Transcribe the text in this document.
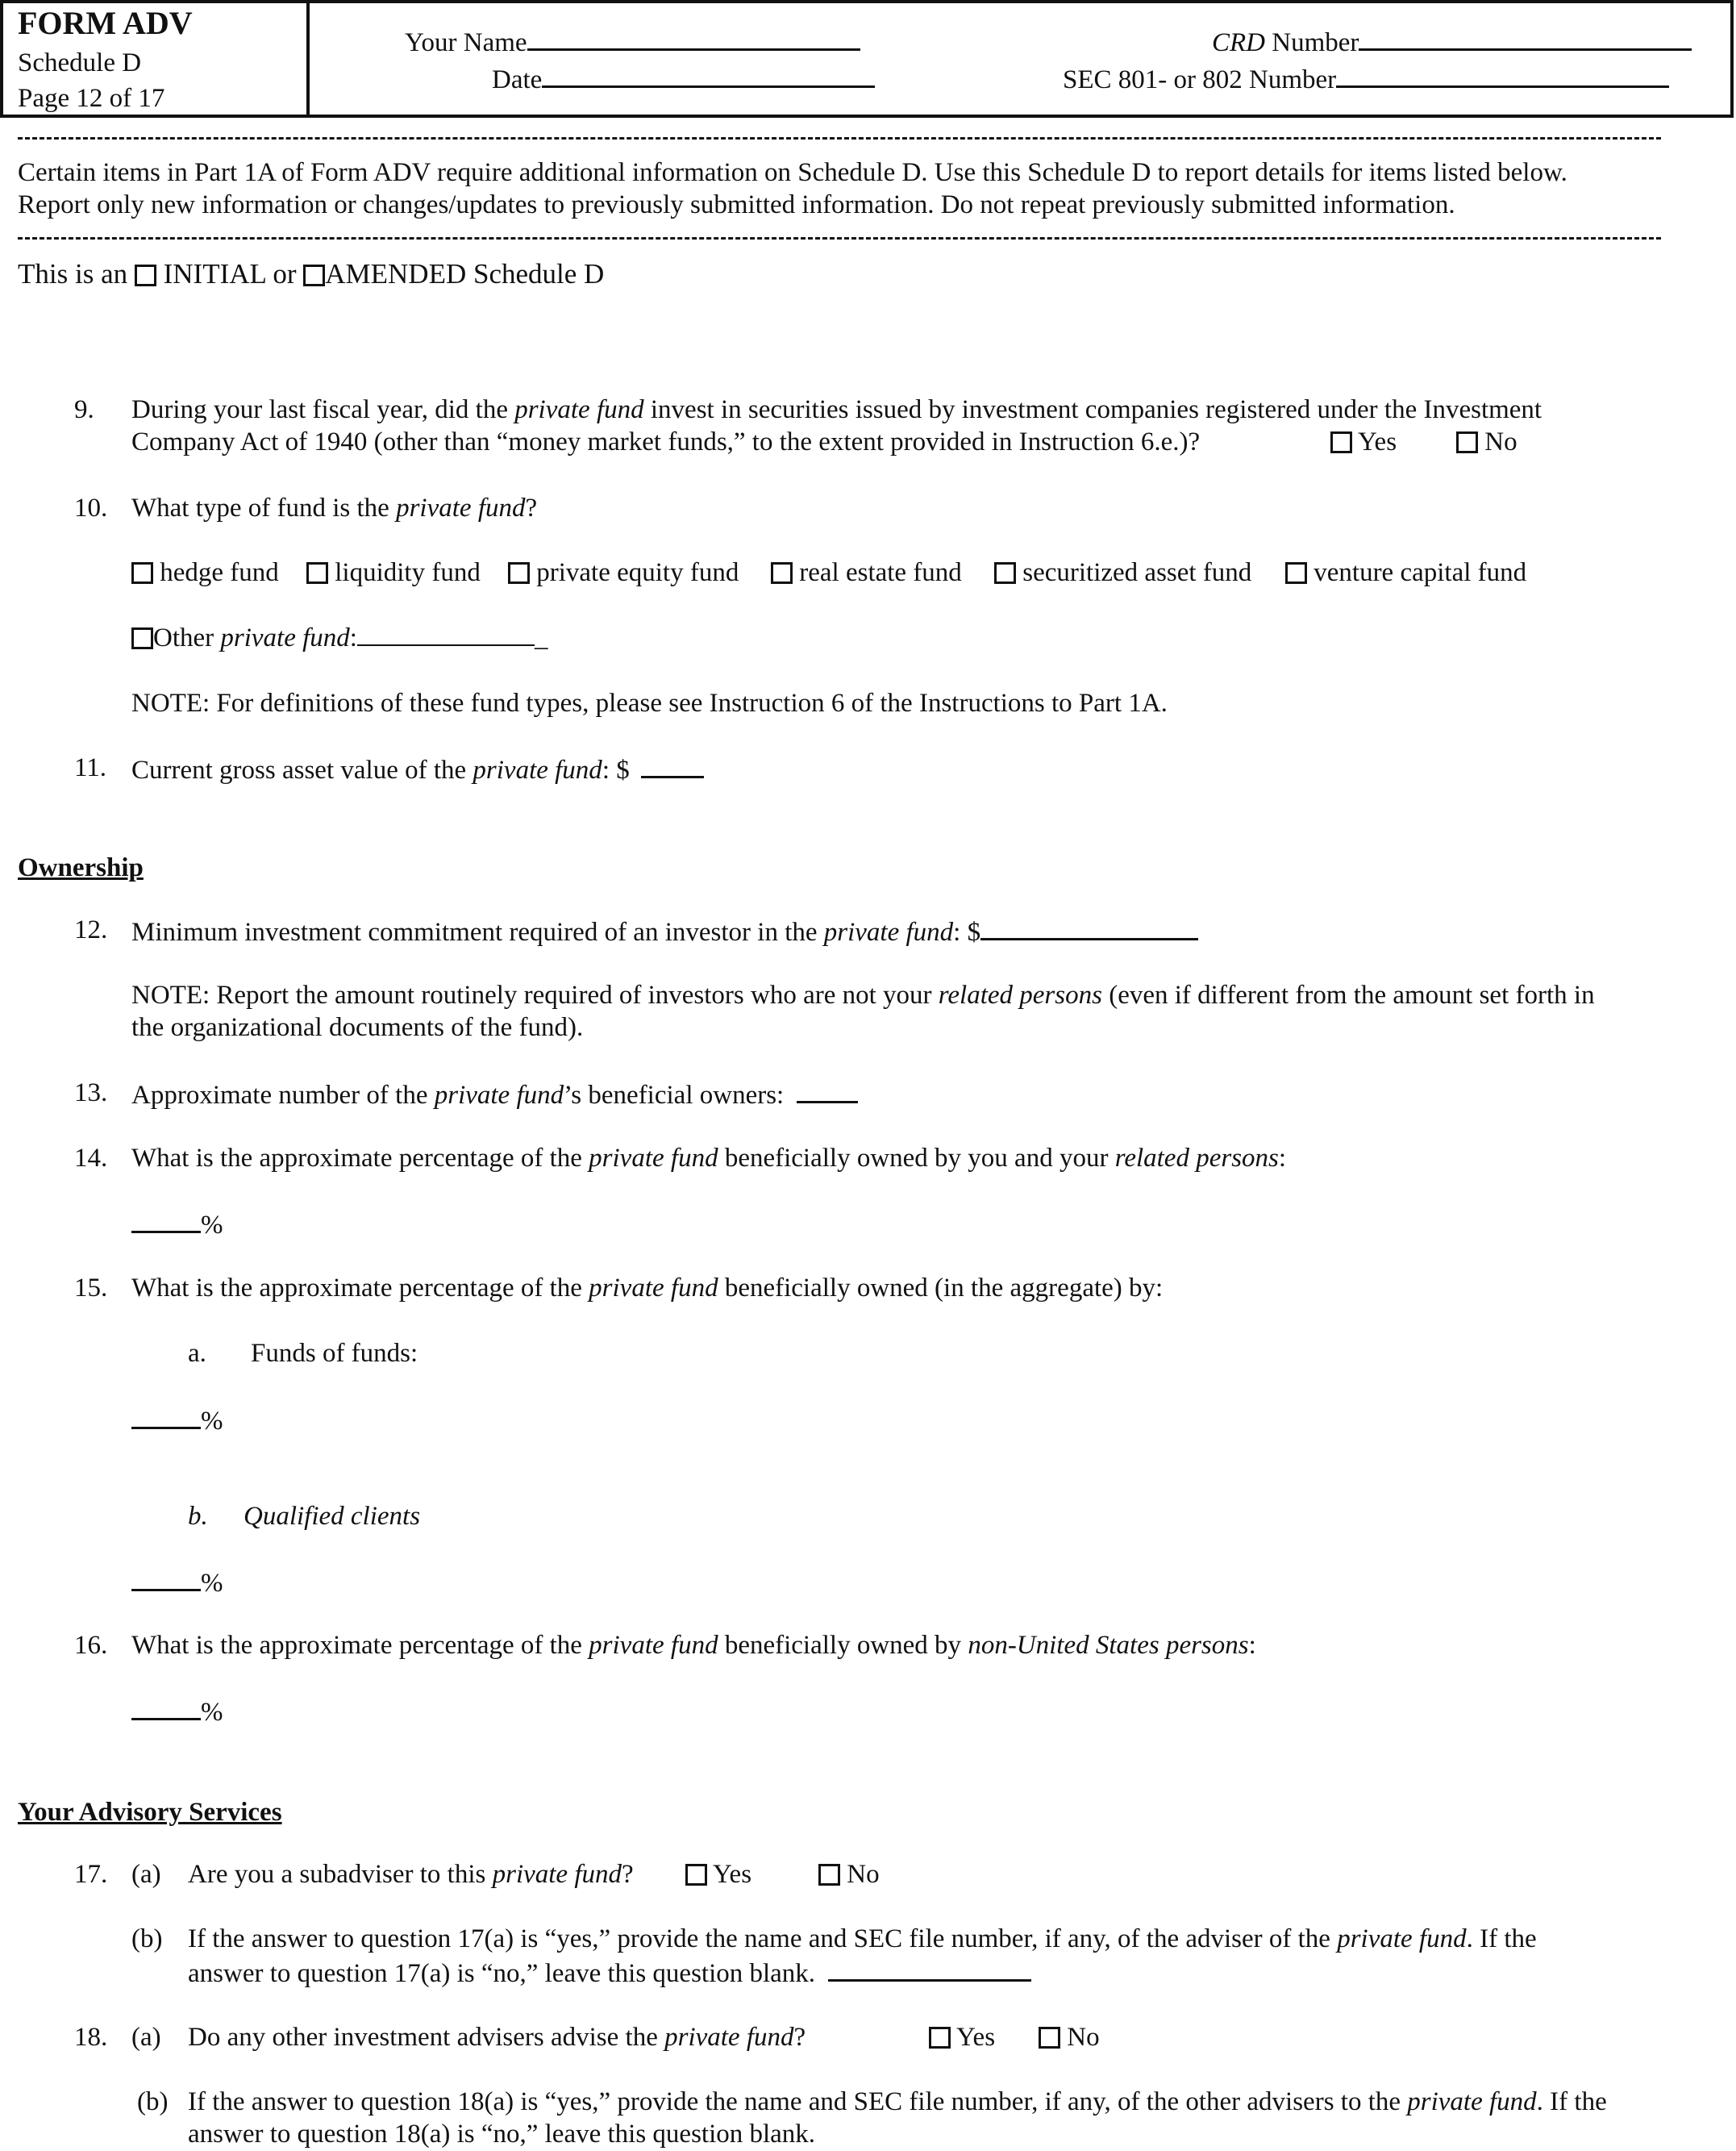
FORM ADV
Schedule D
Page 12 of 17
Your Name
Date
CRD Number
SEC 801- or 802 Number
Certain items in Part 1A of Form ADV require additional information on Schedule D. Use this Schedule D to report details for items listed below.
Report only new information or changes/updates to previously submitted information. Do not repeat previously submitted information.
This is an INITIAL or AMENDED Schedule D
9. During your last fiscal year, did the private fund invest in securities issued by investment companies registered under the Investment
Company Act of 1940 (other than “money market funds,” to the extent provided in Instruction 6.e.)?	Yes	No
10. What type of fund is the private fund?
hedge fund	liquidity fund	private equity fund	real estate fund	securitized asset fund	venture capital fund
Other private fund:	_
NOTE: For definitions of these fund types, please see Instruction 6 of the Instructions to Part 1A.
11. Current gross asset value of the private fund: $
Ownership
12. Minimum investment commitment required of an investor in the private fund: $
NOTE: Report the amount routinely required of investors who are not your related persons (even if different from the amount set forth in
the organizational documents of the fund).
13. Approximate number of the private fund’s beneficial owners:
14. What is the approximate percentage of the private fund beneficially owned by you and your related persons:
%
15. What is the approximate percentage of the private fund beneficially owned (in the aggregate) by:
a. Funds of funds:
%
b. Qualified clients
%
16. What is the approximate percentage of the private fund beneficially owned by non-United States persons:
%
Your Advisory Services
17. (a) Are you a subadviser to this private fund?	Yes	No
(b) If the answer to question 17(a) is “yes,” provide the name and SEC file number, if any, of the adviser of the private fund. If the
answer to question 17(a) is “no,” leave this question blank.
18. (a) Do any other investment advisers advise the private fund?	Yes	No
(b) If the answer to question 18(a) is “yes,” provide the name and SEC file number, if any, of the other advisers to the private fund. If the
answer to question 18(a) is “no,” leave this question blank.
